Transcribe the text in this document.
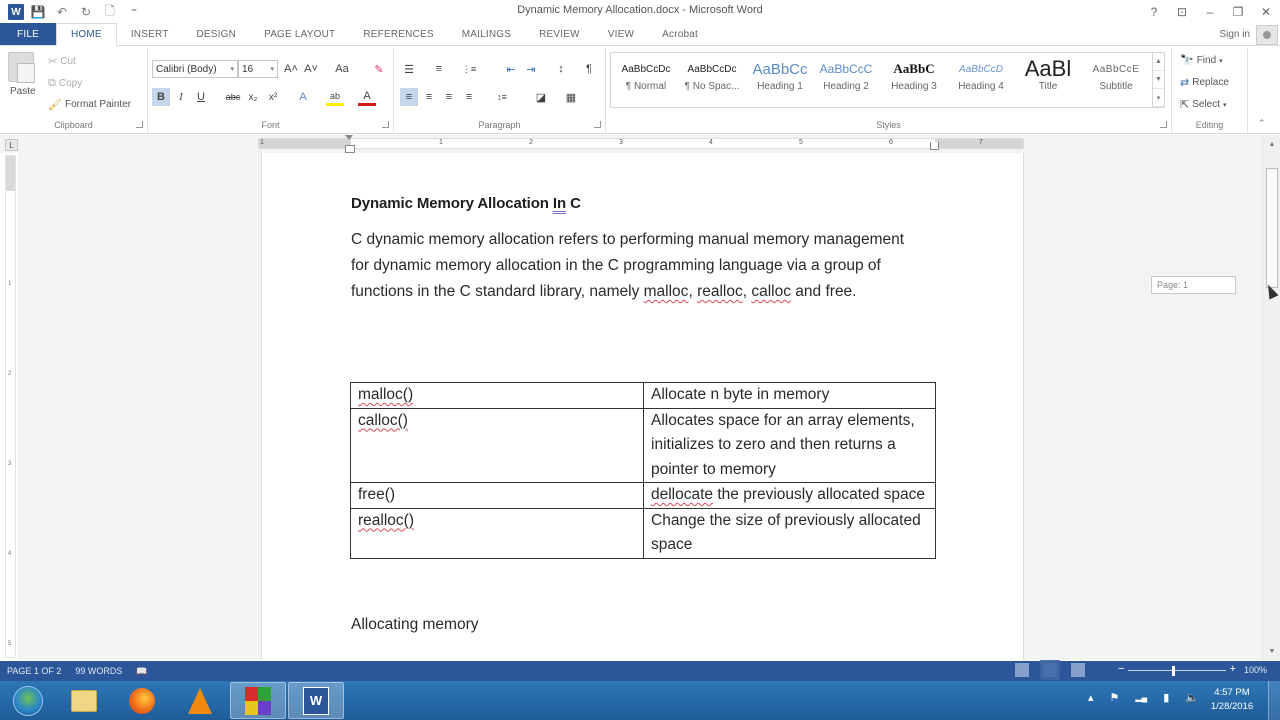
W 💾 ↶	↻	🗋	⁼	Dynamic Memory Allocation.docx - Microsoft Word	?	⊡	–	❐	✕
FILE	HOME	INSERT	DESIGN	PAGE LAYOUT	REFERENCES	MAILINGS	REVIEW	VIEW	Acrobat	Sign in
Paste
✂ Cut
⧉ Copy
🖌 Format Painter
Clipboard
Calibri (Body) ▾ 16 ▾ A˄ A˅	Aa	✎
B	I	U	abc x₂	x²	A	ab	A
Font
☰	≡	⋮≡	⇤ ⇥	↕	¶
≡	≡	≡	≡	↕≡	◪	▦
Paragraph	Styles
AaBbCcDc
¶ Normal
AaBbCcDc
¶ No Spac...
AaBbCc
Heading 1
AaBbCcC
Heading 2
AaBbC
Heading 3
AaBbCcD
Heading 4
AaBl
Title
AaBbCcE
Subtitle
▲
▼
▾
🔭 Find ▾
⇄ Replace
⇱ Select ▾
Editing	⌃
L	1	1	2	3	4	5	6	7
Dynamic Memory Allocation In C
C dynamic memory allocation refers to performing manual memory management for dynamic memory allocation in the C programming language via a group of functions in the C standard library, namely malloc, realloc, calloc and free.
malloc()	Allocate n byte in memory
calloc()	Allocates space for an array elements, initializes to zero and then returns a pointer to memory
free()	dellocate the previously allocated space
realloc()	Change the size of previously allocated space
Allocating memory
1
2
3
4
5
Page: 1
▲
▼
PAGE 1 OF 2	99 WORDS	📖	−	+ 100%
W	▴ ⚑ ▂▄ ▮ 🔈	4:57 PM
1/28/2016
